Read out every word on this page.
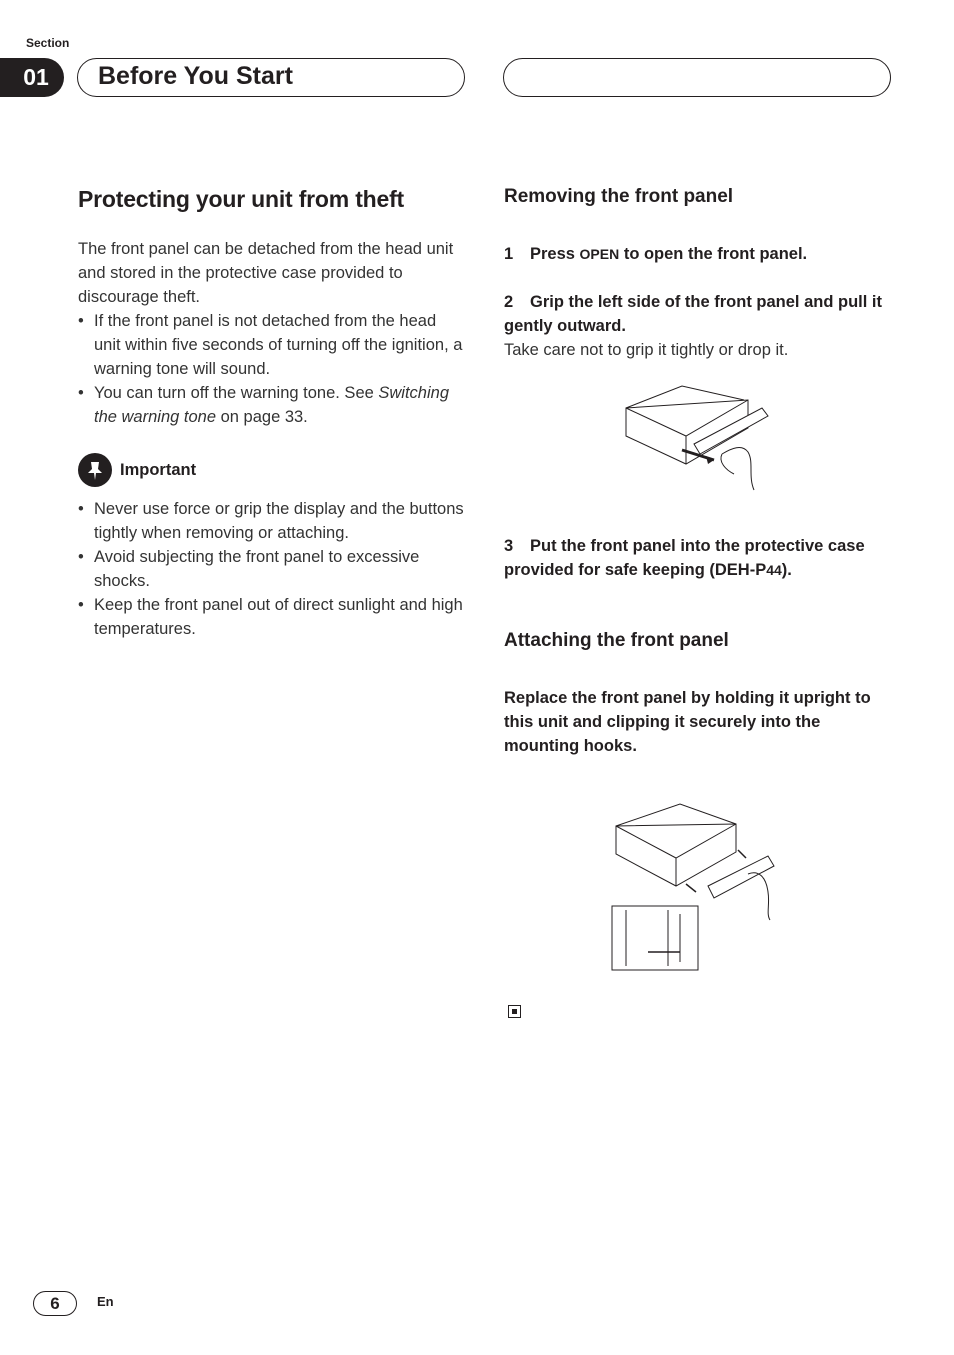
Section
01	Before You Start
Protecting your unit from theft

The front panel can be detached from the head unit and stored in the protective case provided to discourage theft.

• If the front panel is not detached from the head unit within five seconds of turning off the ignition, a warning tone will sound.
• You can turn off the warning tone. See Switching the warning tone on page 33.
Important
• Never use force or grip the display and the buttons tightly when removing or attaching.
• Avoid subjecting the front panel to excessive shocks.
• Keep the front panel out of direct sunlight and high temperatures.
Removing the front panel

1 Press OPEN to open the front panel.

2 Grip the left side of the front panel and pull it gently outward.

Take care not to grip it tightly or drop it.

3 Put the front panel into the protective case provided for safe keeping (DEH-P44).

Attaching the front panel

Replace the front panel by holding it upright to this unit and clipping it securely into the mounting hooks.

6	En
